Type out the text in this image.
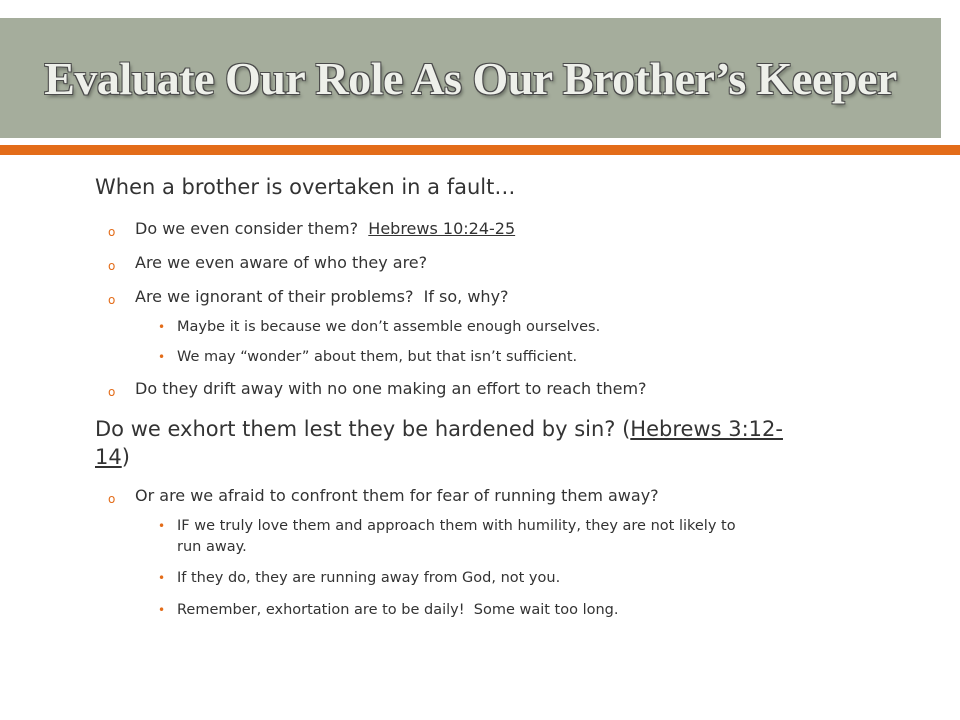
Evaluate Our Role As Our Brother’s Keeper
When a brother is overtaken in a fault…
o Do we even consider them?  Hebrews 10:24-25
o Are we even aware of who they are?
o Are we ignorant of their problems?  If so, why?
• Maybe it is because we don’t assemble enough ourselves.
• We may “wonder” about them, but that isn’t sufficient.
o Do they drift away with no one making an effort to reach them?
Do we exhort them lest they be hardened by sin? (Hebrews 3:12-
14)
o Or are we afraid to confront them for fear of running them away?
• IF we truly love them and approach them with humility, they are not likely to
run away.
• If they do, they are running away from God, not you.
• Remember, exhortation are to be daily!  Some wait too long.
